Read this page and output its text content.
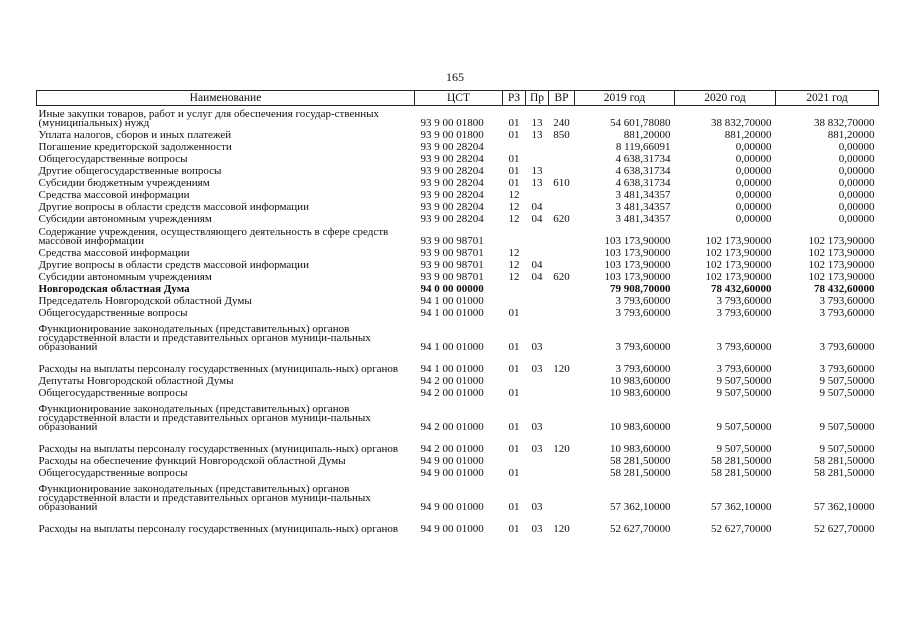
165
Наименование	ЦСТ	РЗ	Пр	ВР	2019 год	2020 год	2021 год
Иные закупки товаров, работ и услуг для обеспечения государ-ственных (муниципальных) нужд	93 9 00 01800	01	13	240	54 601,78080	38 832,70000	38 832,70000
Уплата налогов, сборов и иных платежей	93 9 00 01800	01	13	850	881,20000	881,20000	881,20000
Погашение кредиторской задолженности	93 9 00 28204				8 119,66091	0,00000	0,00000
Общегосударственные вопросы	93 9 00 28204	01			4 638,31734	0,00000	0,00000
Другие общегосударственные вопросы	93 9 00 28204	01	13		4 638,31734	0,00000	0,00000
Субсидии бюджетным учреждениям	93 9 00 28204	01	13	610	4 638,31734	0,00000	0,00000
Средства массовой информации	93 9 00 28204	12			3 481,34357	0,00000	0,00000
Другие вопросы в области средств массовой информации	93 9 00 28204	12	04		3 481,34357	0,00000	0,00000
Субсидии автономным учреждениям	93 9 00 28204	12	04	620	3 481,34357	0,00000	0,00000
Содержание учреждения, осуществляющего деятельность в сфере средств массовой информации	93 9 00 98701				103 173,90000	102 173,90000	102 173,90000
Средства массовой информации	93 9 00 98701	12			103 173,90000	102 173,90000	102 173,90000
Другие вопросы в области средств массовой информации	93 9 00 98701	12	04		103 173,90000	102 173,90000	102 173,90000
Субсидии автономным учреждениям	93 9 00 98701	12	04	620	103 173,90000	102 173,90000	102 173,90000
Новгородская областная Дума	94 0 00 00000				79 908,70000	78 432,60000	78 432,60000
Председатель Новгородской областной Думы	94 1 00 01000				3 793,60000	3 793,60000	3 793,60000
Общегосударственные вопросы	94 1 00 01000	01			3 793,60000	3 793,60000	3 793,60000
Функционирование законодательных (представительных) органов государственной власти и представительных органов муници-пальных образований	94 1 00 01000	01	03		3 793,60000	3 793,60000	3 793,60000
Расходы на выплаты персоналу государственных (муниципаль-ных) органов	94 1 00 01000	01	03	120	3 793,60000	3 793,60000	3 793,60000
Депутаты Новгородской областной Думы	94 2 00 01000				10 983,60000	9 507,50000	9 507,50000
Общегосударственные вопросы	94 2 00 01000	01			10 983,60000	9 507,50000	9 507,50000
Функционирование законодательных (представительных) органов государственной власти и представительных органов муници-пальных образований	94 2 00 01000	01	03		10 983,60000	9 507,50000	9 507,50000
Расходы на выплаты персоналу государственных (муниципаль-ных) органов	94 2 00 01000	01	03	120	10 983,60000	9 507,50000	9 507,50000
Расходы на обеспечение функций Новгородской областной Думы	94 9 00 01000				58 281,50000	58 281,50000	58 281,50000
Общегосударственные вопросы	94 9 00 01000	01			58 281,50000	58 281,50000	58 281,50000
Функционирование законодательных (представительных) органов государственной власти и представительных органов муници-пальных образований	94 9 00 01000	01	03		57 362,10000	57 362,10000	57 362,10000
Расходы на выплаты персоналу государственных (муниципаль-ных) органов	94 9 00 01000	01	03	120	52 627,70000	52 627,70000	52 627,70000
